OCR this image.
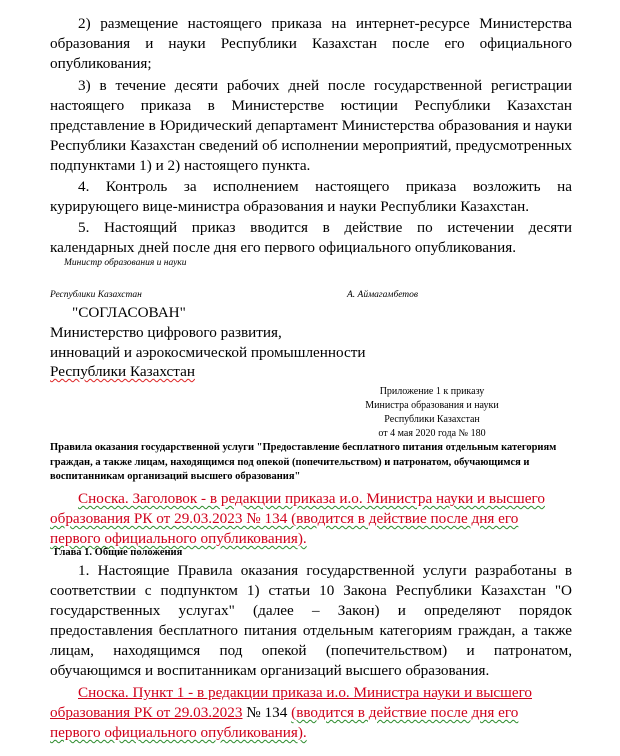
2) размещение настоящего приказа на интернет-ресурсе Министерства образования и науки Республики Казахстан после его официального опубликования;

3) в течение десяти рабочих дней после государственной регистрации настоящего приказа в Министерстве юстиции Республики Казахстан представление в Юридический департамент Министерства образования и науки Республики Казахстан сведений об исполнении мероприятий, предусмотренных подпунктами 1) и 2) настоящего пункта.

4. Контроль за исполнением настоящего приказа возложить на курирующего вице-министра образования и науки Республики Казахстан.

5. Настоящий приказ вводится в действие по истечении десяти календарных дней после дня его первого официального опубликования.

Министр образования и науки
Республики Казахстан	А. Аймагамбетов
"СОГЛАСОВАН"
Министерство цифрового развития,
инноваций и аэрокосмической промышленности
Республики Казахстан
Приложение 1 к приказу
Министра образования и науки
Республики Казахстан
от 4 мая 2020 года № 180
Правила оказания государственной услуги "Предоставление бесплатного питания отдельным категориям граждан, а также лицам, находящимся под опекой (попечительством) и патронатом, обучающимся и воспитанникам организаций высшего образования"

Сноска. Заголовок - в редакции приказа и.о. Министра науки и высшего образования РК от 29.03.2023 № 134 (вводится в действие после дня его первого официального опубликования).

Глава 1. Общие положения

1. Настоящие Правила оказания государственной услуги разработаны в соответствии с подпунктом 1) статьи 10 Закона Республики Казахстан "О государственных услугах" (далее – Закон) и определяют порядок предоставления бесплатного питания отдельным категориям граждан, а также лицам, находящимся под опекой (попечительством) и патронатом, обучающимся и воспитанникам организаций высшего образования.

Сноска. Пункт 1 - в редакции приказа и.о. Министра науки и высшего образования РК от 29.03.2023 № 134 (вводится в действие после дня его первого официального опубликования).
